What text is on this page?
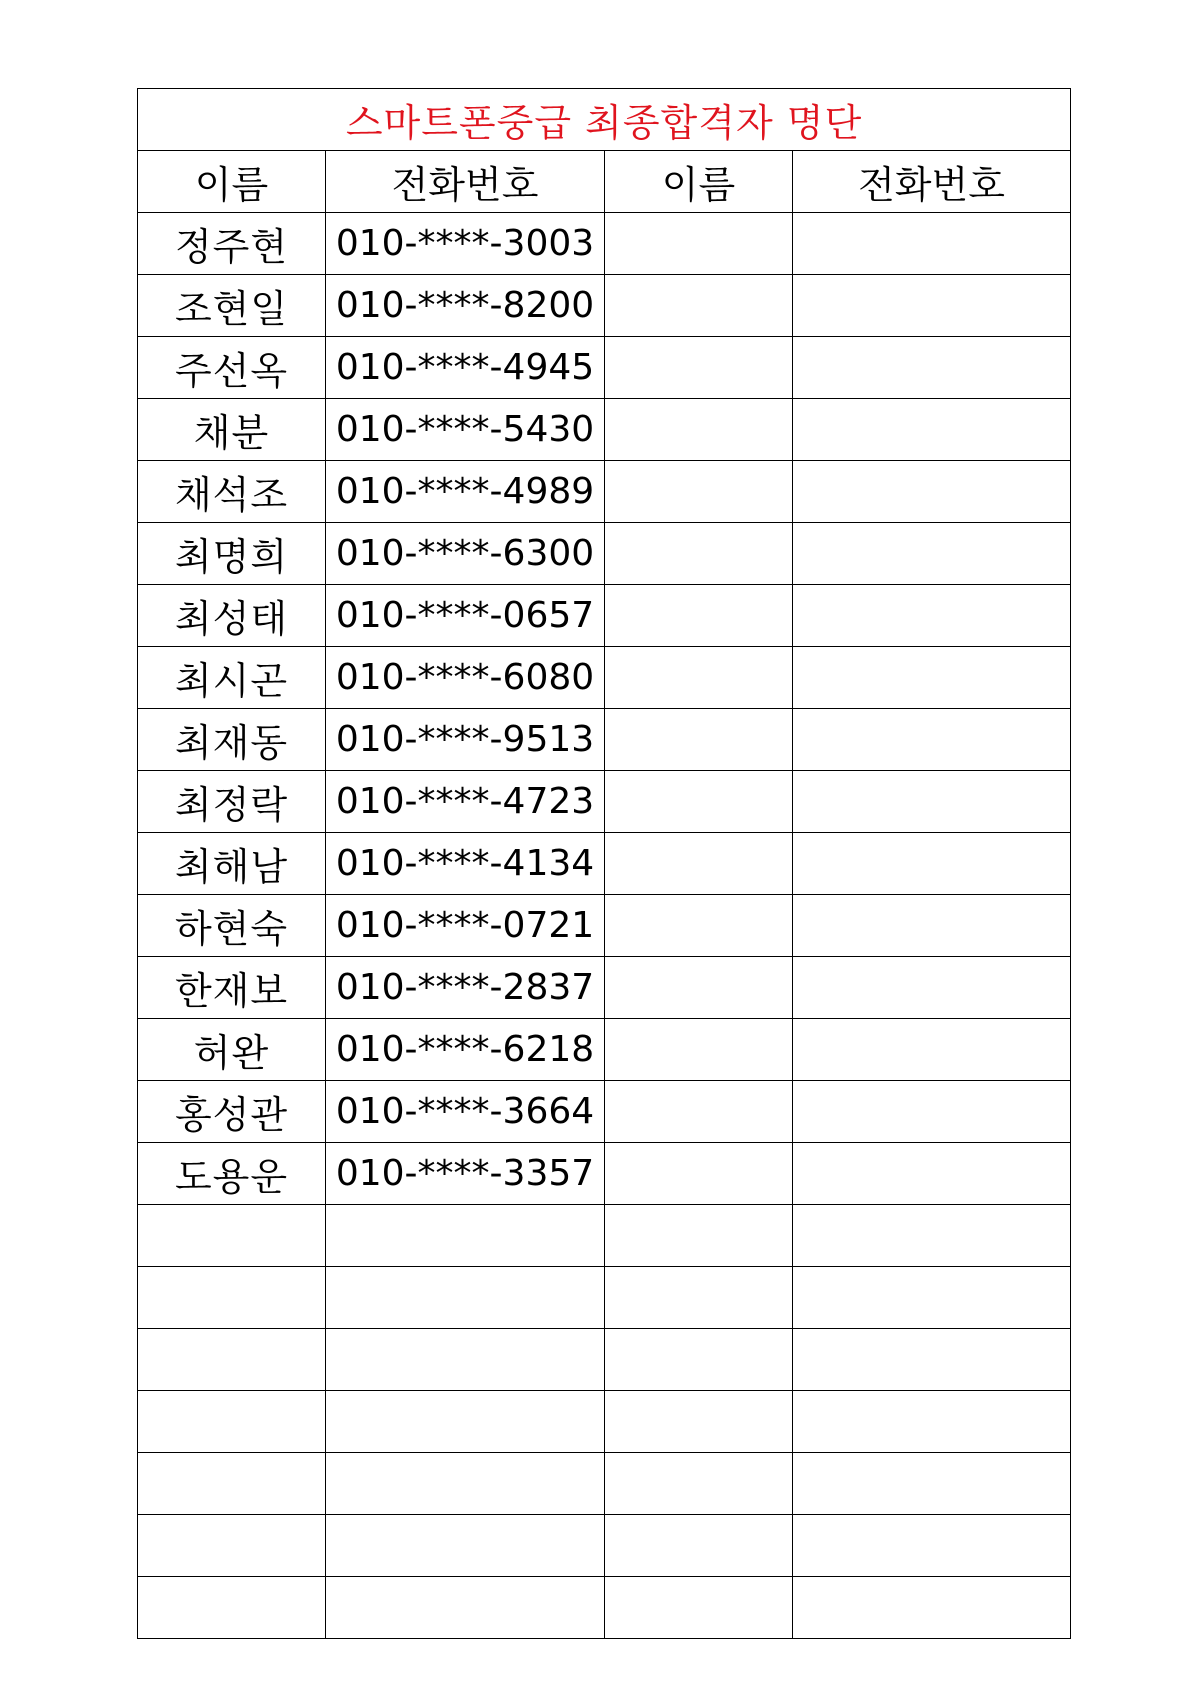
스마트폰중급 최종합격자 명단			
이름	전화번호	이름	전화번호
정주현	010-****-3003		
조현일	010-****-8200		
주선옥	010-****-4945		
채분	010-****-5430		
채석조	010-****-4989		
최명희	010-****-6300		
최성태	010-****-0657		
최시곤	010-****-6080		
최재동	010-****-9513		
최정락	010-****-4723		
최해남	010-****-4134		
하현숙	010-****-0721		
한재보	010-****-2837		
허완	010-****-6218		
홍성관	010-****-3664		
도용운	010-****-3357		
